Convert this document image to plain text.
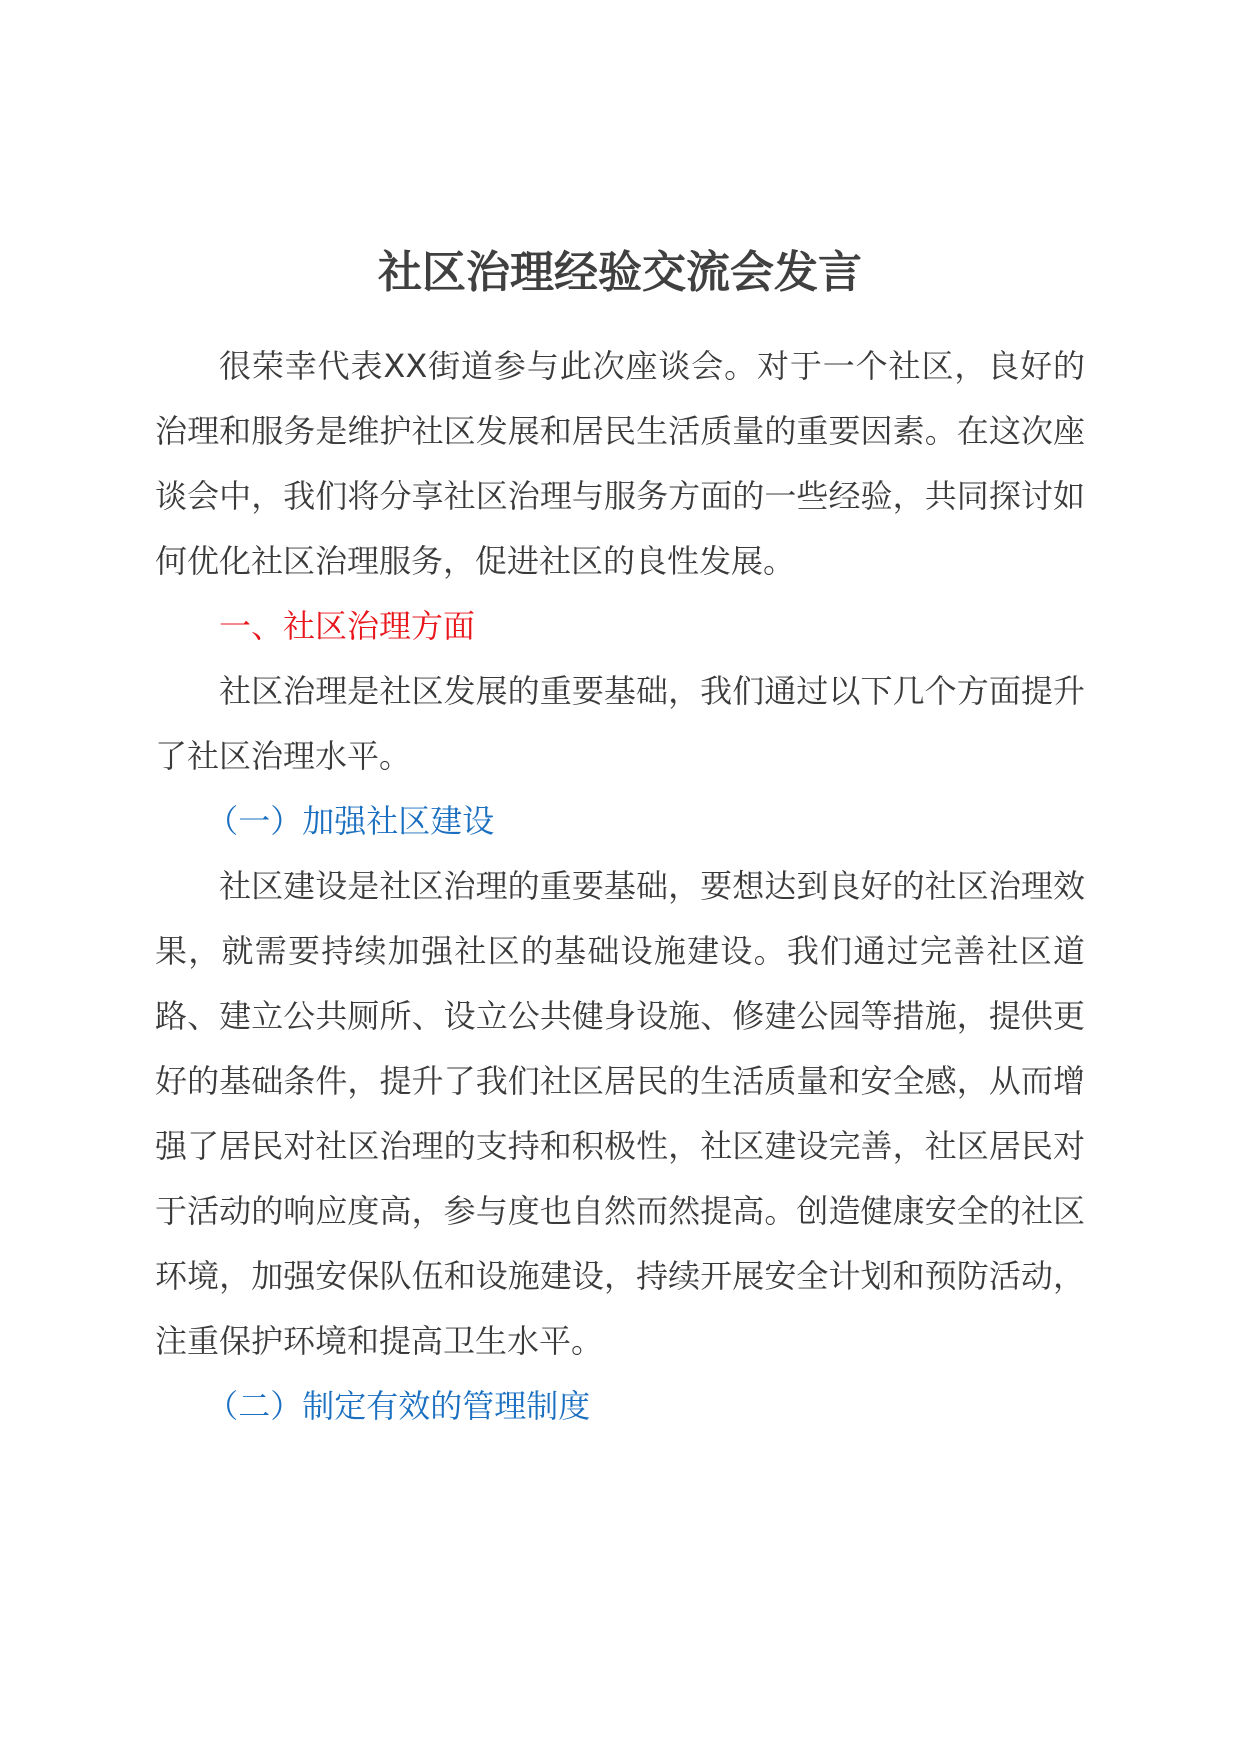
社区治理经验交流会发言

很荣幸代表XX街道参与此次座谈会。对于一个社区，良好的治理和服务是维护社区发展和居民生活质量的重要因素。在这次座谈会中，我们将分享社区治理与服务方面的一些经验，共同探讨如何优化社区治理服务，促进社区的良性发展。

一、社区治理方面

社区治理是社区发展的重要基础，我们通过以下几个方面提升了社区治理水平。

（一）加强社区建设

社区建设是社区治理的重要基础，要想达到良好的社区治理效果，就需要持续加强社区的基础设施建设。我们通过完善社区道路、建立公共厕所、设立公共健身设施、修建公园等措施，提供更好的基础条件，提升了我们社区居民的生活质量和安全感，从而增强了居民对社区治理的支持和积极性，社区建设完善，社区居民对于活动的响应度高，参与度也自然而然提高。创造健康安全的社区环境，加强安保队伍和设施建设，持续开展安全计划和预防活动，注重保护环境和提高卫生水平。

（二）制定有效的管理制度
